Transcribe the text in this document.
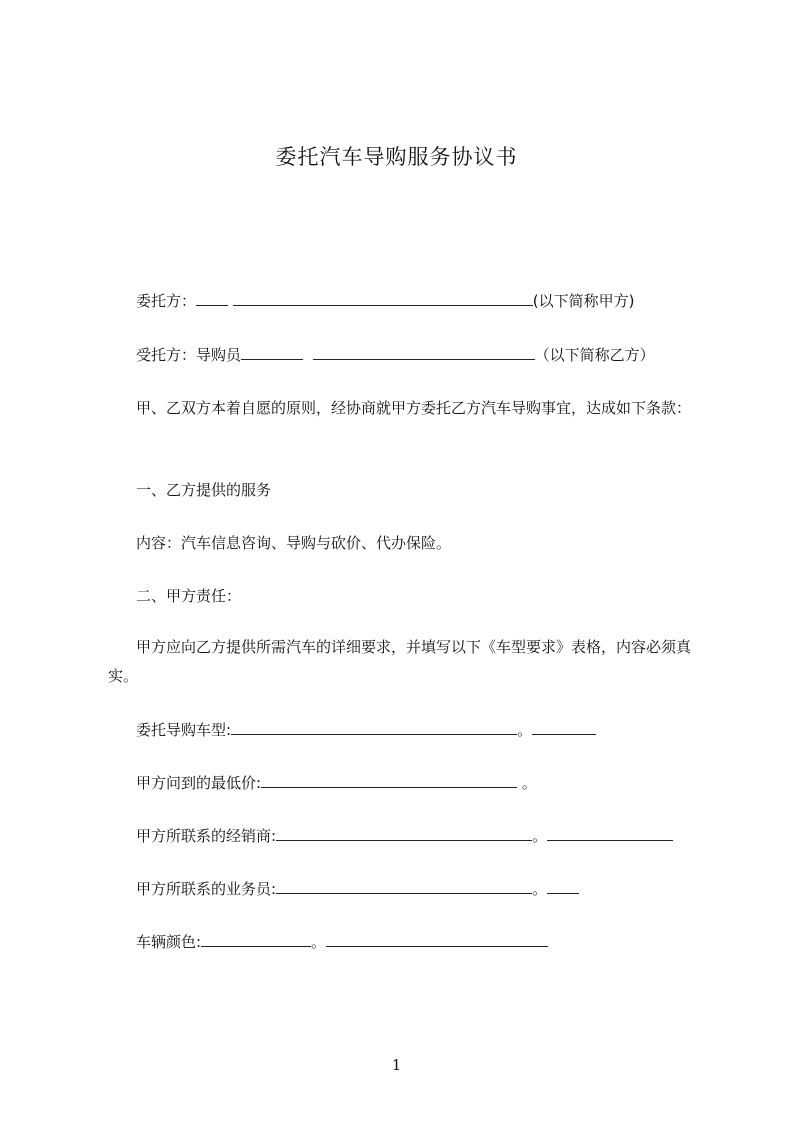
委托汽车导购服务协议书
委托方：	(以下简称甲方)
受托方：导购员	（以下简称乙方）
甲、乙双方本着自愿的原则，经协商就甲方委托乙方汽车导购事宜，达成如下条款：
一、乙方提供的服务
内容：汽车信息咨询、导购与砍价、代办保险。
二、甲方责任：
甲方应向乙方提供所需汽车的详细要求，并填写以下《车型要求》表格，内容必须真实。
委托导购车型:	。
甲方问到的最低价:	。
甲方所联系的经销商:	。
甲方所联系的业务员:	。
车辆颜色:	。
1
